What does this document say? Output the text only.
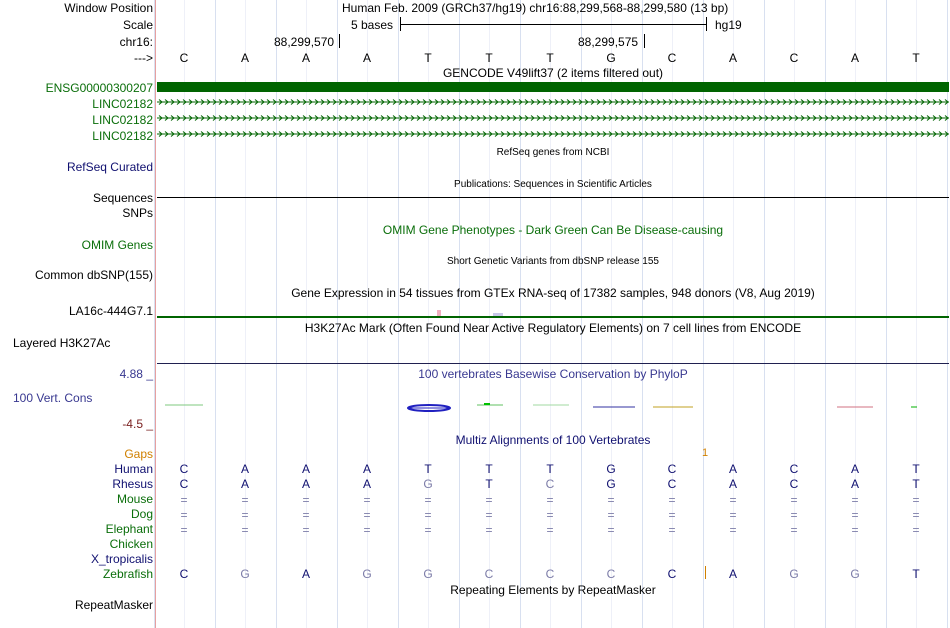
Window Position	Human Feb. 2009 (GRCh37/hg19) chr16:88,299,568-88,299,580 (13 bp)
Scale	5 bases	hg19
chr16:	88,299,570	88,299,575
--->	C	A	A	A	T	T	T	G	C	A	C	A	T
GENCODE V49lift37 (2 items filtered out)
ENSG00000300207
LINC02182
LINC02182
LINC02182
RefSeq genes from NCBI
RefSeq Curated
Publications: Sequences in Scientific Articles
Sequences
SNPs
OMIM Gene Phenotypes - Dark Green Can Be Disease-causing
OMIM Genes
Short Genetic Variants from dbSNP release 155
Common dbSNP(155)
Gene Expression in 54 tissues from GTEx RNA-seq of 17382 samples, 948 donors (V8, Aug 2019)
LA16c-444G7.1
H3K27Ac Mark (Often Found Near Active Regulatory Elements) on 7 cell lines from ENCODE
Layered H3K27Ac
100 vertebrates Basewise Conservation by PhyloP
4.88 _
100 Vert. Cons
-4.5 _
Multiz Alignments of 100 Vertebrates
Gaps	1
Human	C	A	A	A	T	T	T	G	C	A	C	A	T
Rhesus	C	A	A	A	G	T	C	G	C	A	C	A	T
Mouse	=	=	=	=	=	=	=	=	=	=	=	=	=
Dog	=	=	=	=	=	=	=	=	=	=	=	=	=
Elephant	=	=	=	=	=	=	=	=	=	=	=	=	=
Chicken
X_tropicalis
Zebrafish	C	G	A	G	G	C	C	C	C	A	G	G	T
Repeating Elements by RepeatMasker
RepeatMasker
